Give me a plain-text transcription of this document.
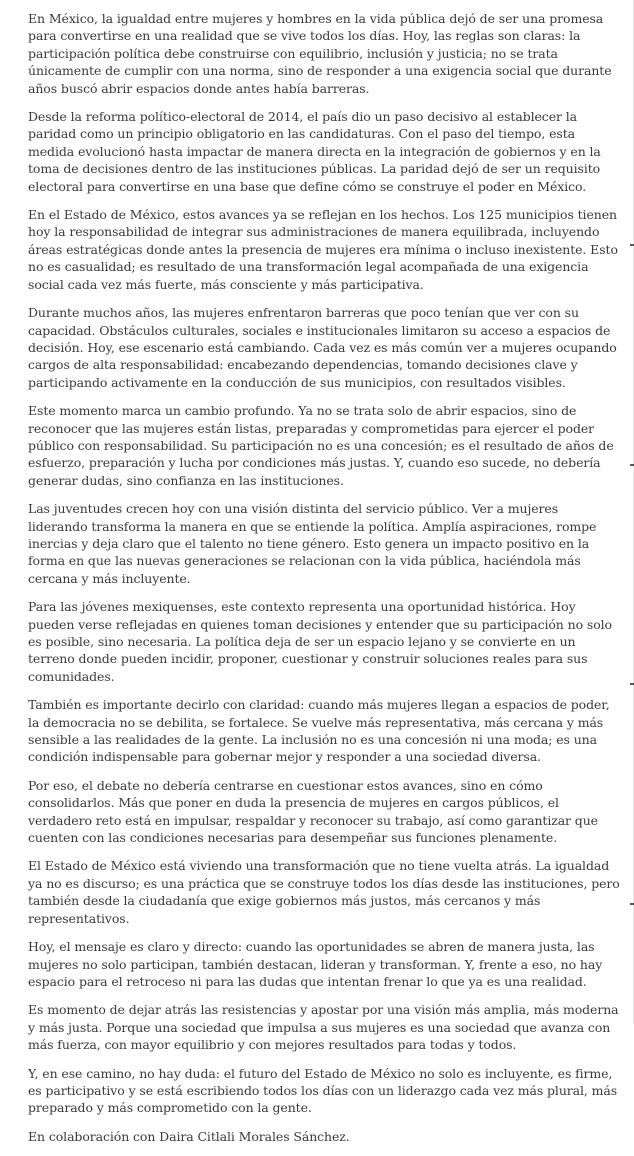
En México, la igualdad entre mujeres y hombres en la vida pública dejó de ser una promesa para convertirse en una realidad que se vive todos los días. Hoy, las reglas son claras: la participación política debe construirse con equilibrio, inclusión y justicia; no se trata únicamente de cumplir con una norma, sino de responder a una exigencia social que durante años buscó abrir espacios donde antes había barreras.

Desde la reforma político-electoral de 2014, el país dio un paso decisivo al establecer la paridad como un principio obligatorio en las candidaturas. Con el paso del tiempo, esta medida evolucionó hasta impactar de manera directa en la integración de gobiernos y en la toma de decisiones dentro de las instituciones públicas. La paridad dejó de ser un requisito electoral para convertirse en una base que define cómo se construye el poder en México.

En el Estado de México, estos avances ya se reflejan en los hechos. Los 125 municipios tienen hoy la responsabilidad de integrar sus administraciones de manera equilibrada, incluyendo áreas estratégicas donde antes la presencia de mujeres era mínima o incluso inexistente. Esto no es casualidad; es resultado de una transformación legal acompañada de una exigencia social cada vez más fuerte, más consciente y más participativa.

Durante muchos años, las mujeres enfrentaron barreras que poco tenían que ver con su capacidad. Obstáculos culturales, sociales e institucionales limitaron su acceso a espacios de decisión. Hoy, ese escenario está cambiando. Cada vez es más común ver a mujeres ocupando cargos de alta responsabilidad: encabezando dependencias, tomando decisiones clave y participando activamente en la conducción de sus municipios, con resultados visibles.

Este momento marca un cambio profundo. Ya no se trata solo de abrir espacios, sino de reconocer que las mujeres están listas, preparadas y comprometidas para ejercer el poder público con responsabilidad. Su participación no es una concesión; es el resultado de años de esfuerzo, preparación y lucha por condiciones más justas. Y, cuando eso sucede, no debería generar dudas, sino confianza en las instituciones.

Las juventudes crecen hoy con una visión distinta del servicio público. Ver a mujeres liderando transforma la manera en que se entiende la política. Amplía aspiraciones, rompe inercias y deja claro que el talento no tiene género. Esto genera un impacto positivo en la forma en que las nuevas generaciones se relacionan con la vida pública, haciéndola más cercana y más incluyente.

Para las jóvenes mexiquenses, este contexto representa una oportunidad histórica. Hoy pueden verse reflejadas en quienes toman decisiones y entender que su participación no solo es posible, sino necesaria. La política deja de ser un espacio lejano y se convierte en un terreno donde pueden incidir, proponer, cuestionar y construir soluciones reales para sus comunidades.

También es importante decirlo con claridad: cuando más mujeres llegan a espacios de poder, la democracia no se debilita, se fortalece. Se vuelve más representativa, más cercana y más sensible a las realidades de la gente. La inclusión no es una concesión ni una moda; es una condición indispensable para gobernar mejor y responder a una sociedad diversa.

Por eso, el debate no debería centrarse en cuestionar estos avances, sino en cómo consolidarlos. Más que poner en duda la presencia de mujeres en cargos públicos, el verdadero reto está en impulsar, respaldar y reconocer su trabajo, así como garantizar que cuenten con las condiciones necesarias para desempeñar sus funciones plenamente.

El Estado de México está viviendo una transformación que no tiene vuelta atrás. La igualdad ya no es discurso; es una práctica que se construye todos los días desde las instituciones, pero también desde la ciudadanía que exige gobiernos más justos, más cercanos y más representativos.

Hoy, el mensaje es claro y directo: cuando las oportunidades se abren de manera justa, las mujeres no solo participan, también destacan, lideran y transforman. Y, frente a eso, no hay espacio para el retroceso ni para las dudas que intentan frenar lo que ya es una realidad.

Es momento de dejar atrás las resistencias y apostar por una visión más amplia, más moderna y más justa. Porque una sociedad que impulsa a sus mujeres es una sociedad que avanza con más fuerza, con mayor equilibrio y con mejores resultados para todas y todos.

Y, en ese camino, no hay duda: el futuro del Estado de México no solo es incluyente, es firme, es participativo y se está escribiendo todos los días con un liderazgo cada vez más plural, más preparado y más comprometido con la gente.

En colaboración con Daira Citlali Morales Sánchez.
